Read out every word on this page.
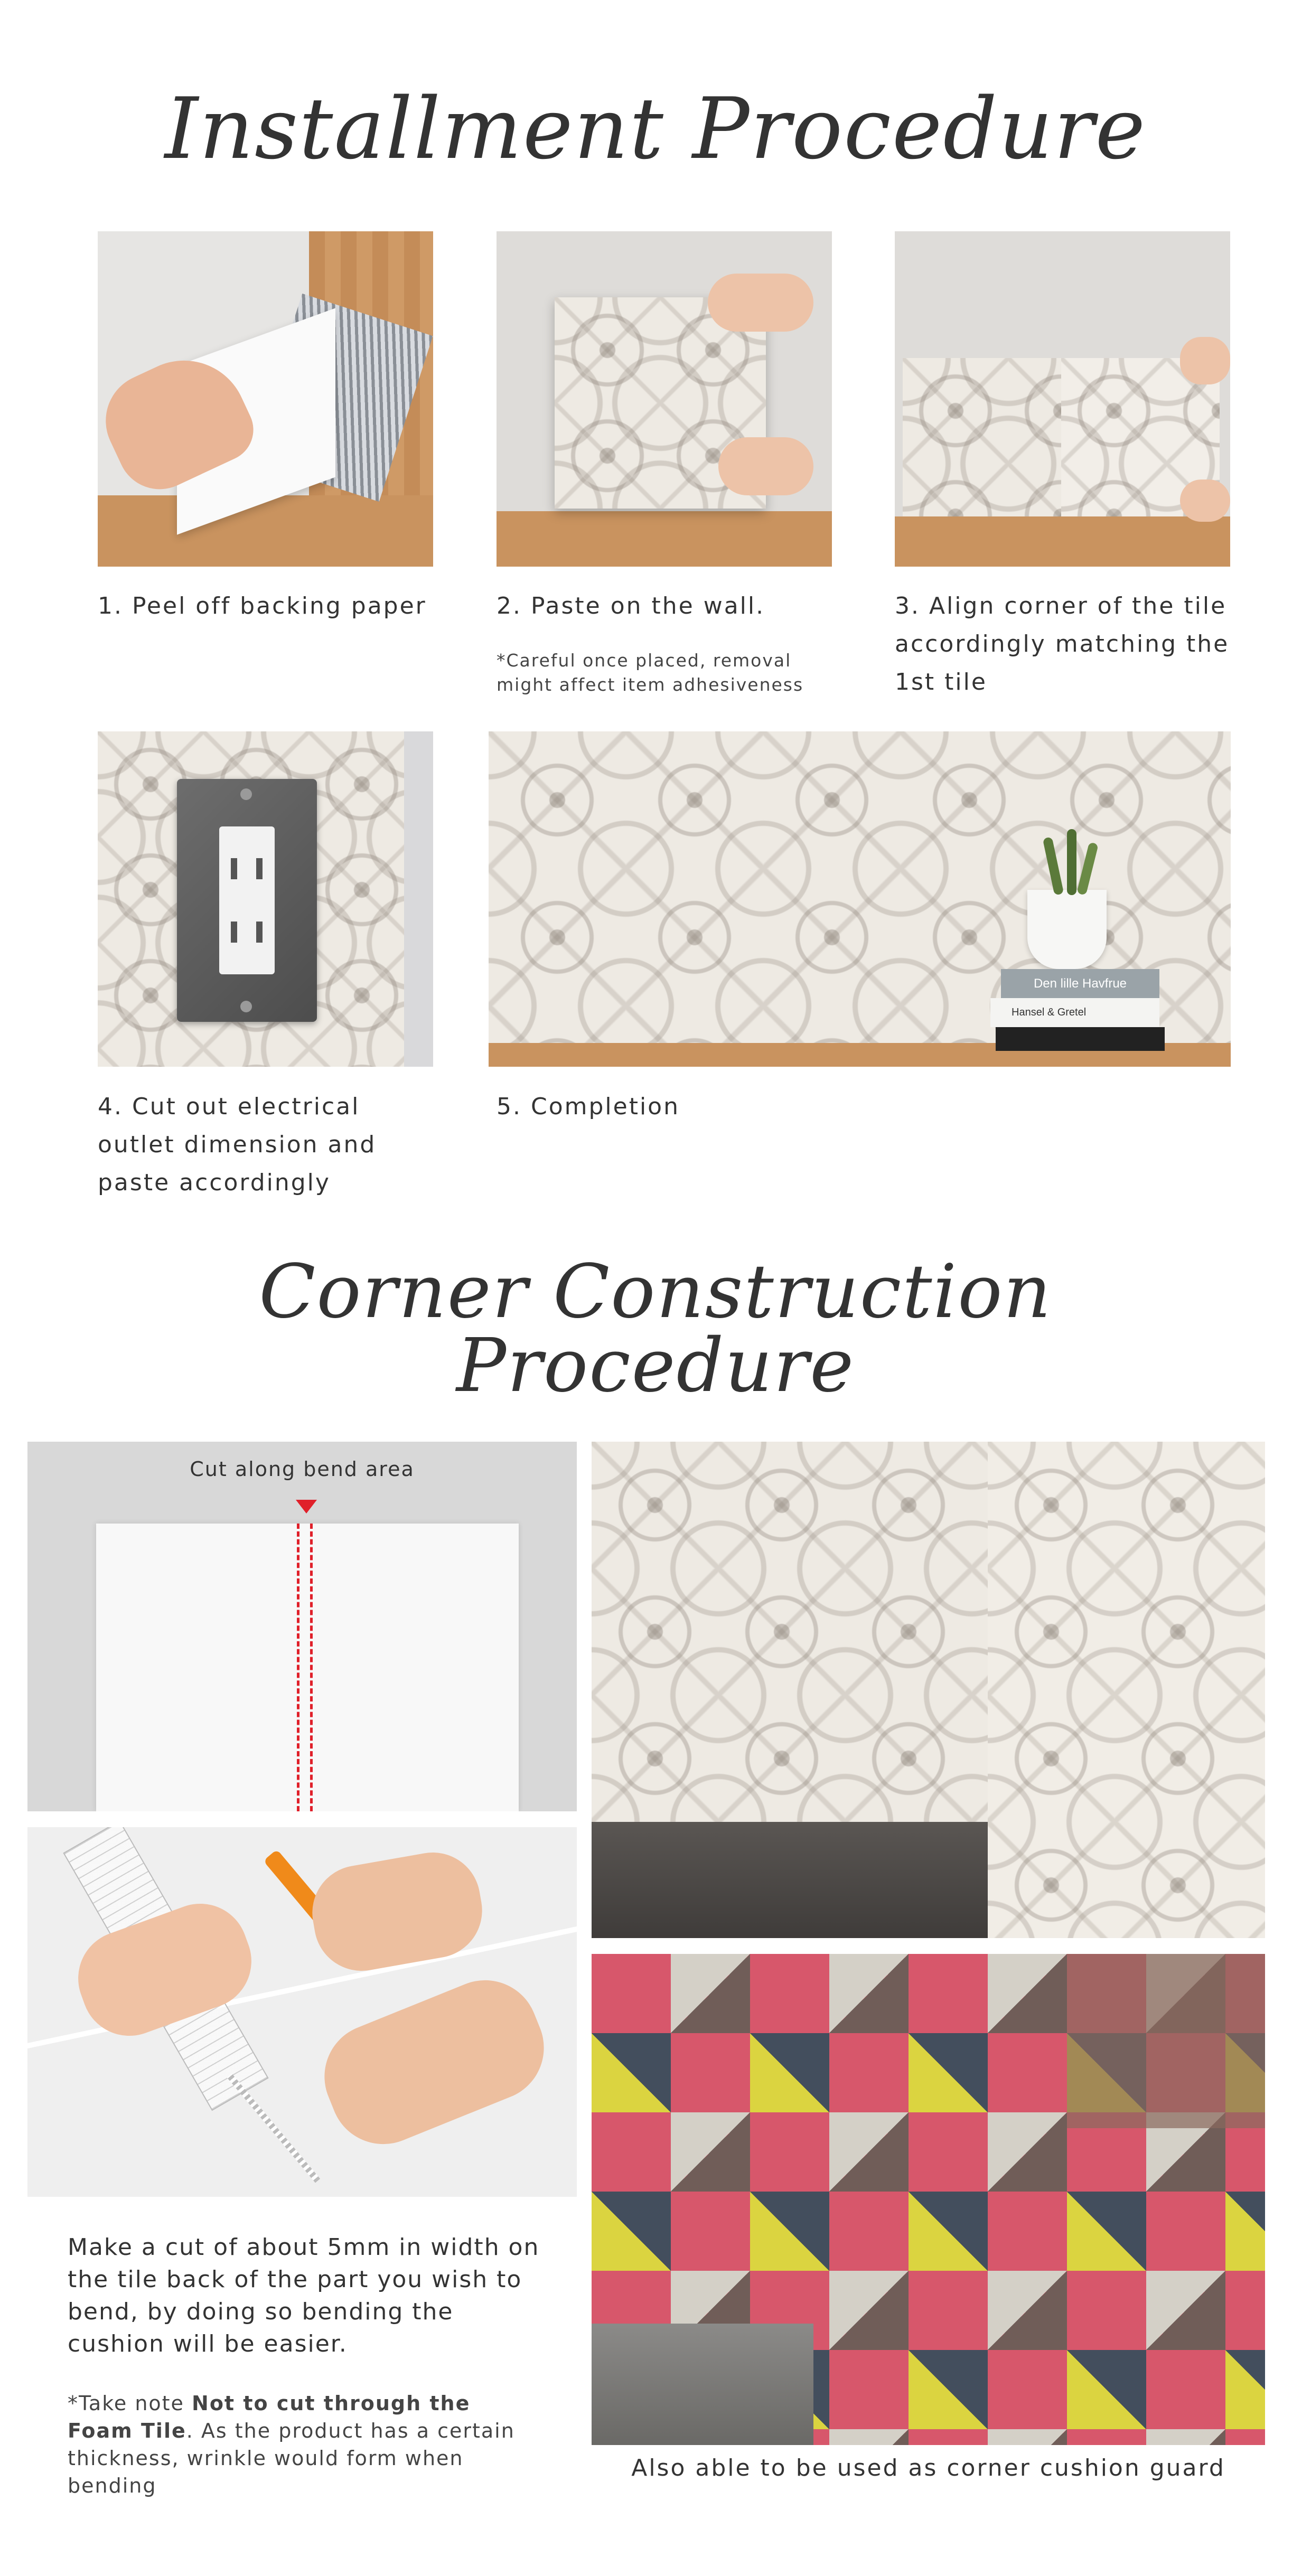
Installment Procedure
1. Peel off backing paper	2. Paste on the wall.
*Careful once placed, removal might affect item adhesiveness
3. Align corner of the tile accordingly matching the 1st tile
4. Cut out electrical outlet dimension and paste accordingly
Den lille Havfrue
Hansel & Gretel
5. Completion
Corner Construction
Procedure
Cut along bend area
Also able to be used as corner cushion guard
Make a cut of about 5mm in width on the tile back of the part you wish to bend, by doing so bending the cushion will be easier.
*Take note Not to cut through the Foam Tile. As the product has a certain thickness, wrinkle would form when bending
